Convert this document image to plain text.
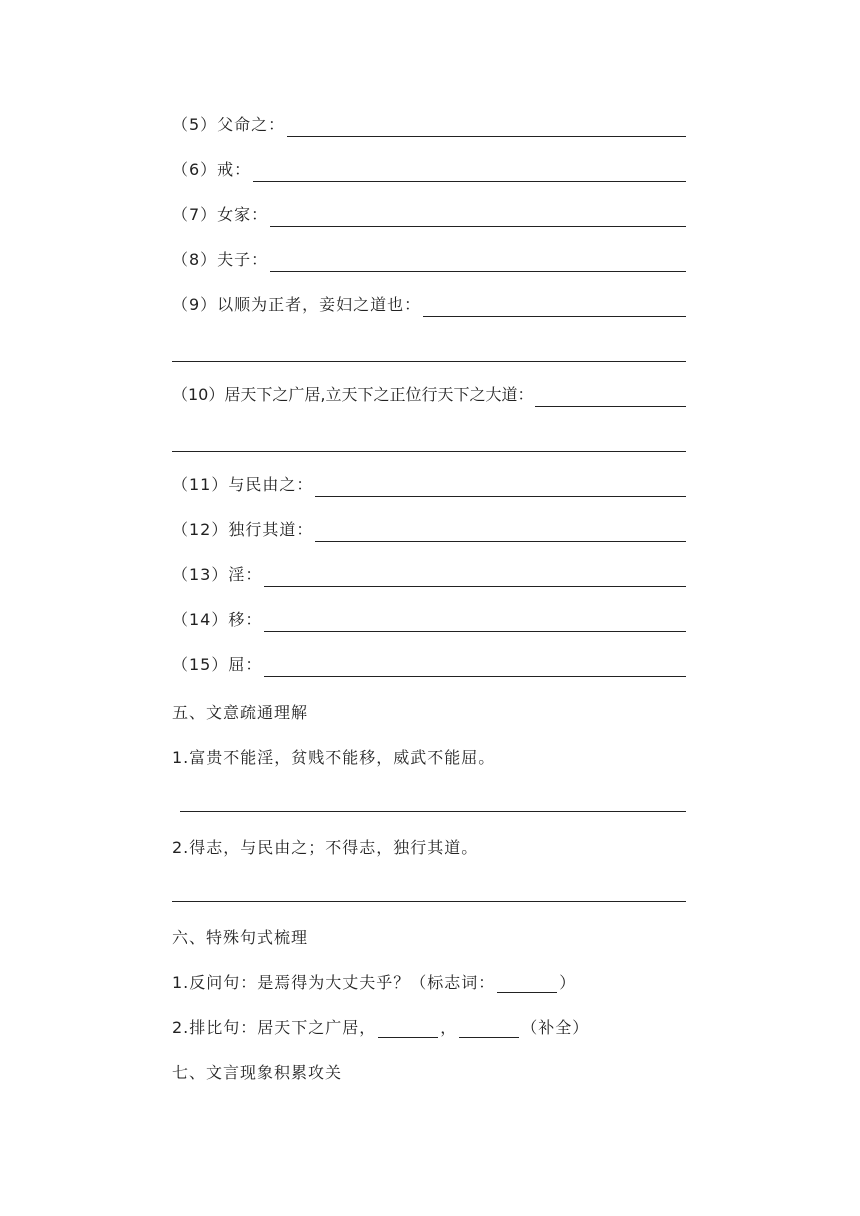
（5）父命之：
（6）戒：
（7）女家：
（8）夫子：
（9）以顺为正者，妾妇之道也：
（10）居天下之广居,立天下之正位行天下之大道：
（11）与民由之：
（12）独行其道：
（13）淫：
（14）移：
（15）屈：
五、文意疏通理解
1.富贵不能淫，贫贱不能移，威武不能屈。
2.得志，与民由之；不得志，独行其道。
六、特殊句式梳理
1.反问句：是焉得为大丈夫乎？（标志词：	）
2.排比句：居天下之广居，	，	（补全）
七、文言现象积累攻关
